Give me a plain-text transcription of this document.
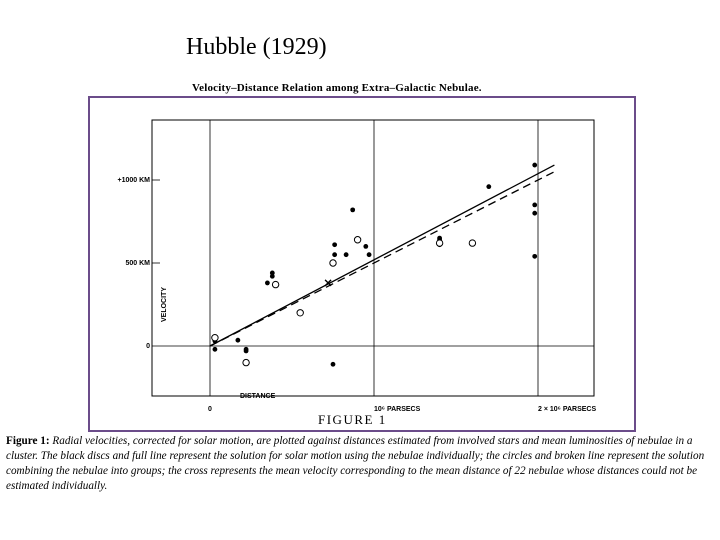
Hubble (1929)
Velocity–Distance Relation among Extra–Galactic Nebulae.
0	10⁶ PARSECS	2 × 10⁶ PARSECS
0
500 KM
+1000 KM
VELOCITY
DISTANCE
FIGURE 1
Figure 1: Radial velocities, corrected for solar motion, are plotted against distances estimated from involved stars and mean luminosities of nebulae in a cluster. The black discs and full line represent the solution for solar motion using the nebulae individually; the circles and broken line represent the solution combining the nebulae into groups; the cross represents the mean velocity corresponding to the mean distance of 22 nebulae whose distances could not be estimated individually.
